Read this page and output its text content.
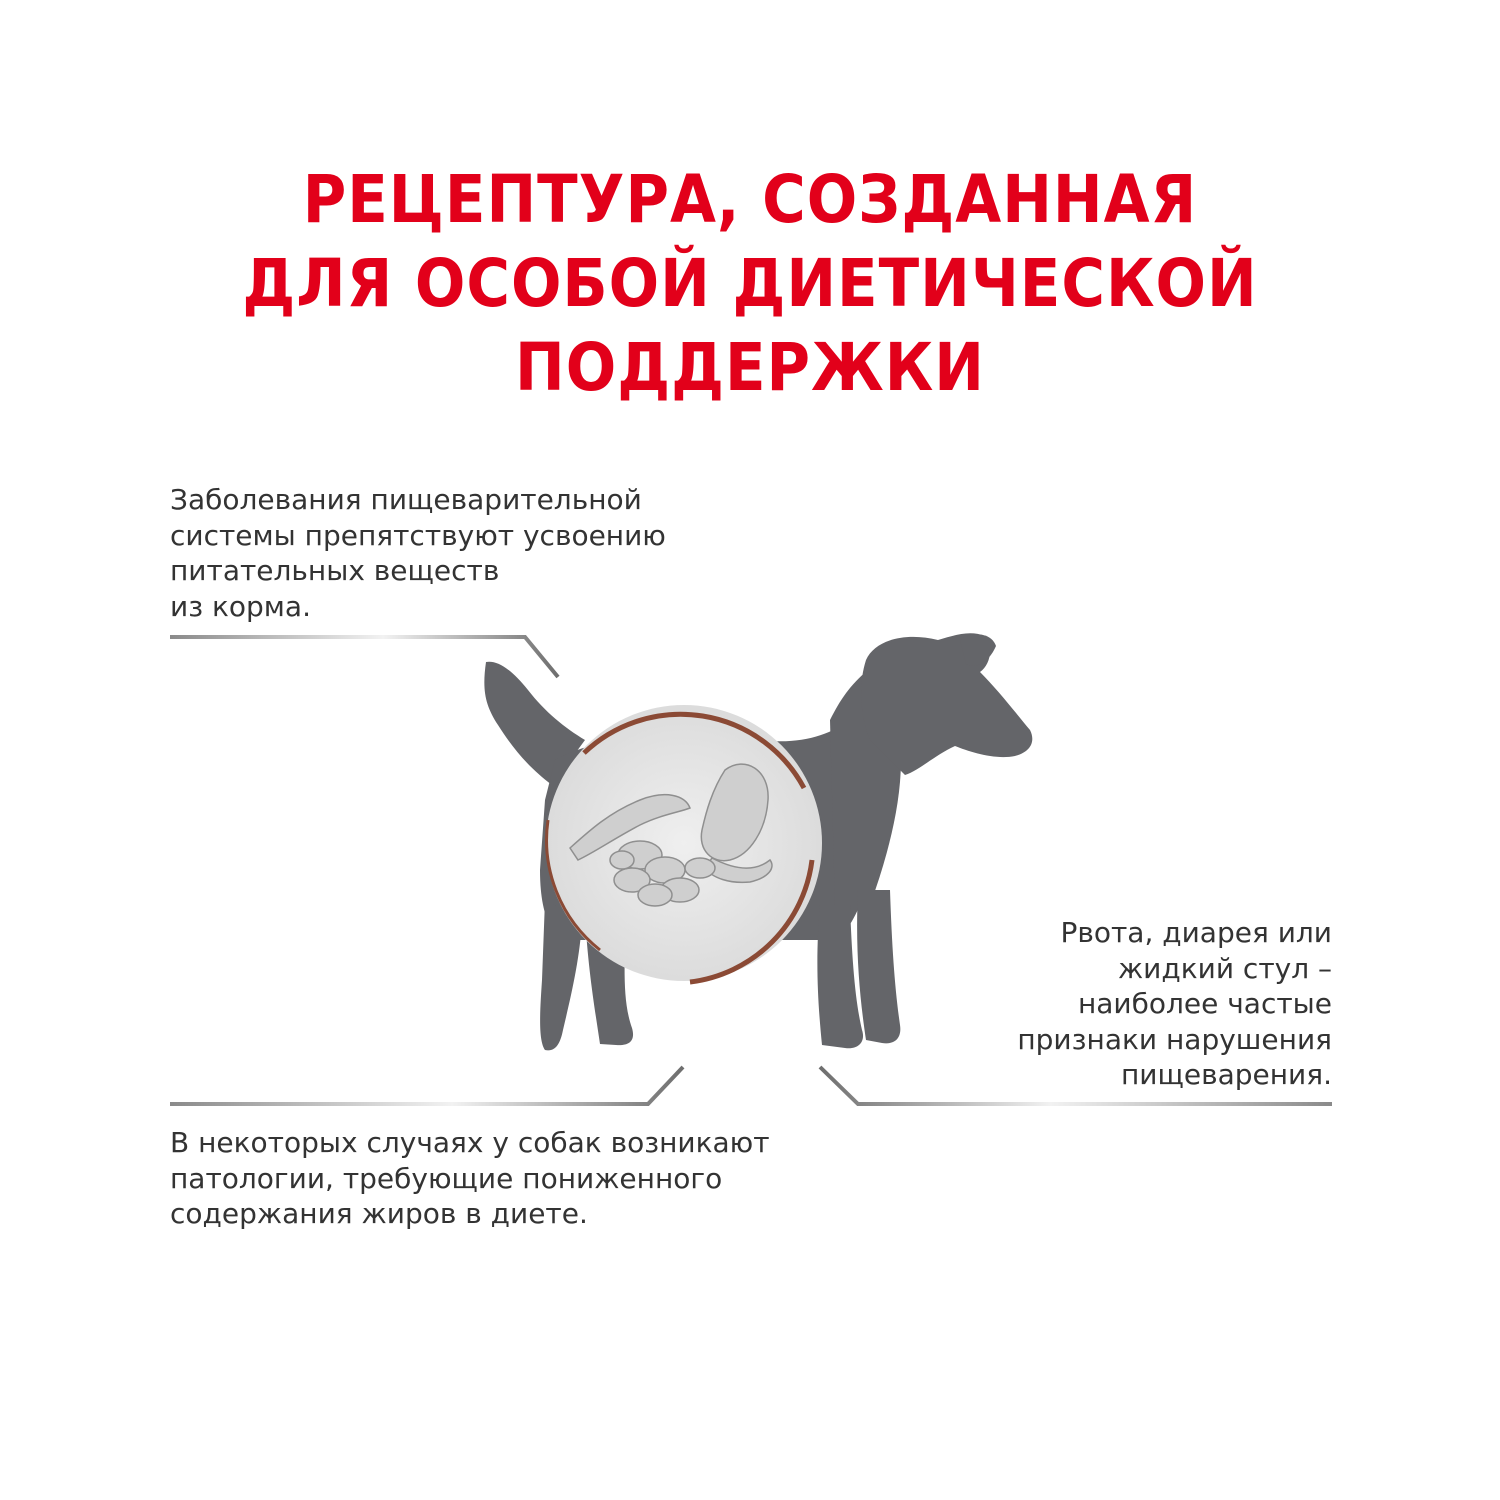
РЕЦЕПТУРА, СОЗДАННАЯ
ДЛЯ ОСОБОЙ ДИЕТИЧЕСКОЙ
ПОДДЕРЖКИ

Заболевания пищеварительной
системы препятствуют усвоению
питательных веществ
из корма.

Рвота, диарея или
жидкий стул –
наиболее частые
признаки нарушения
пищеварения.

В некоторых случаях у собак возникают
патологии, требующие пониженного
содержания жиров в диете.
